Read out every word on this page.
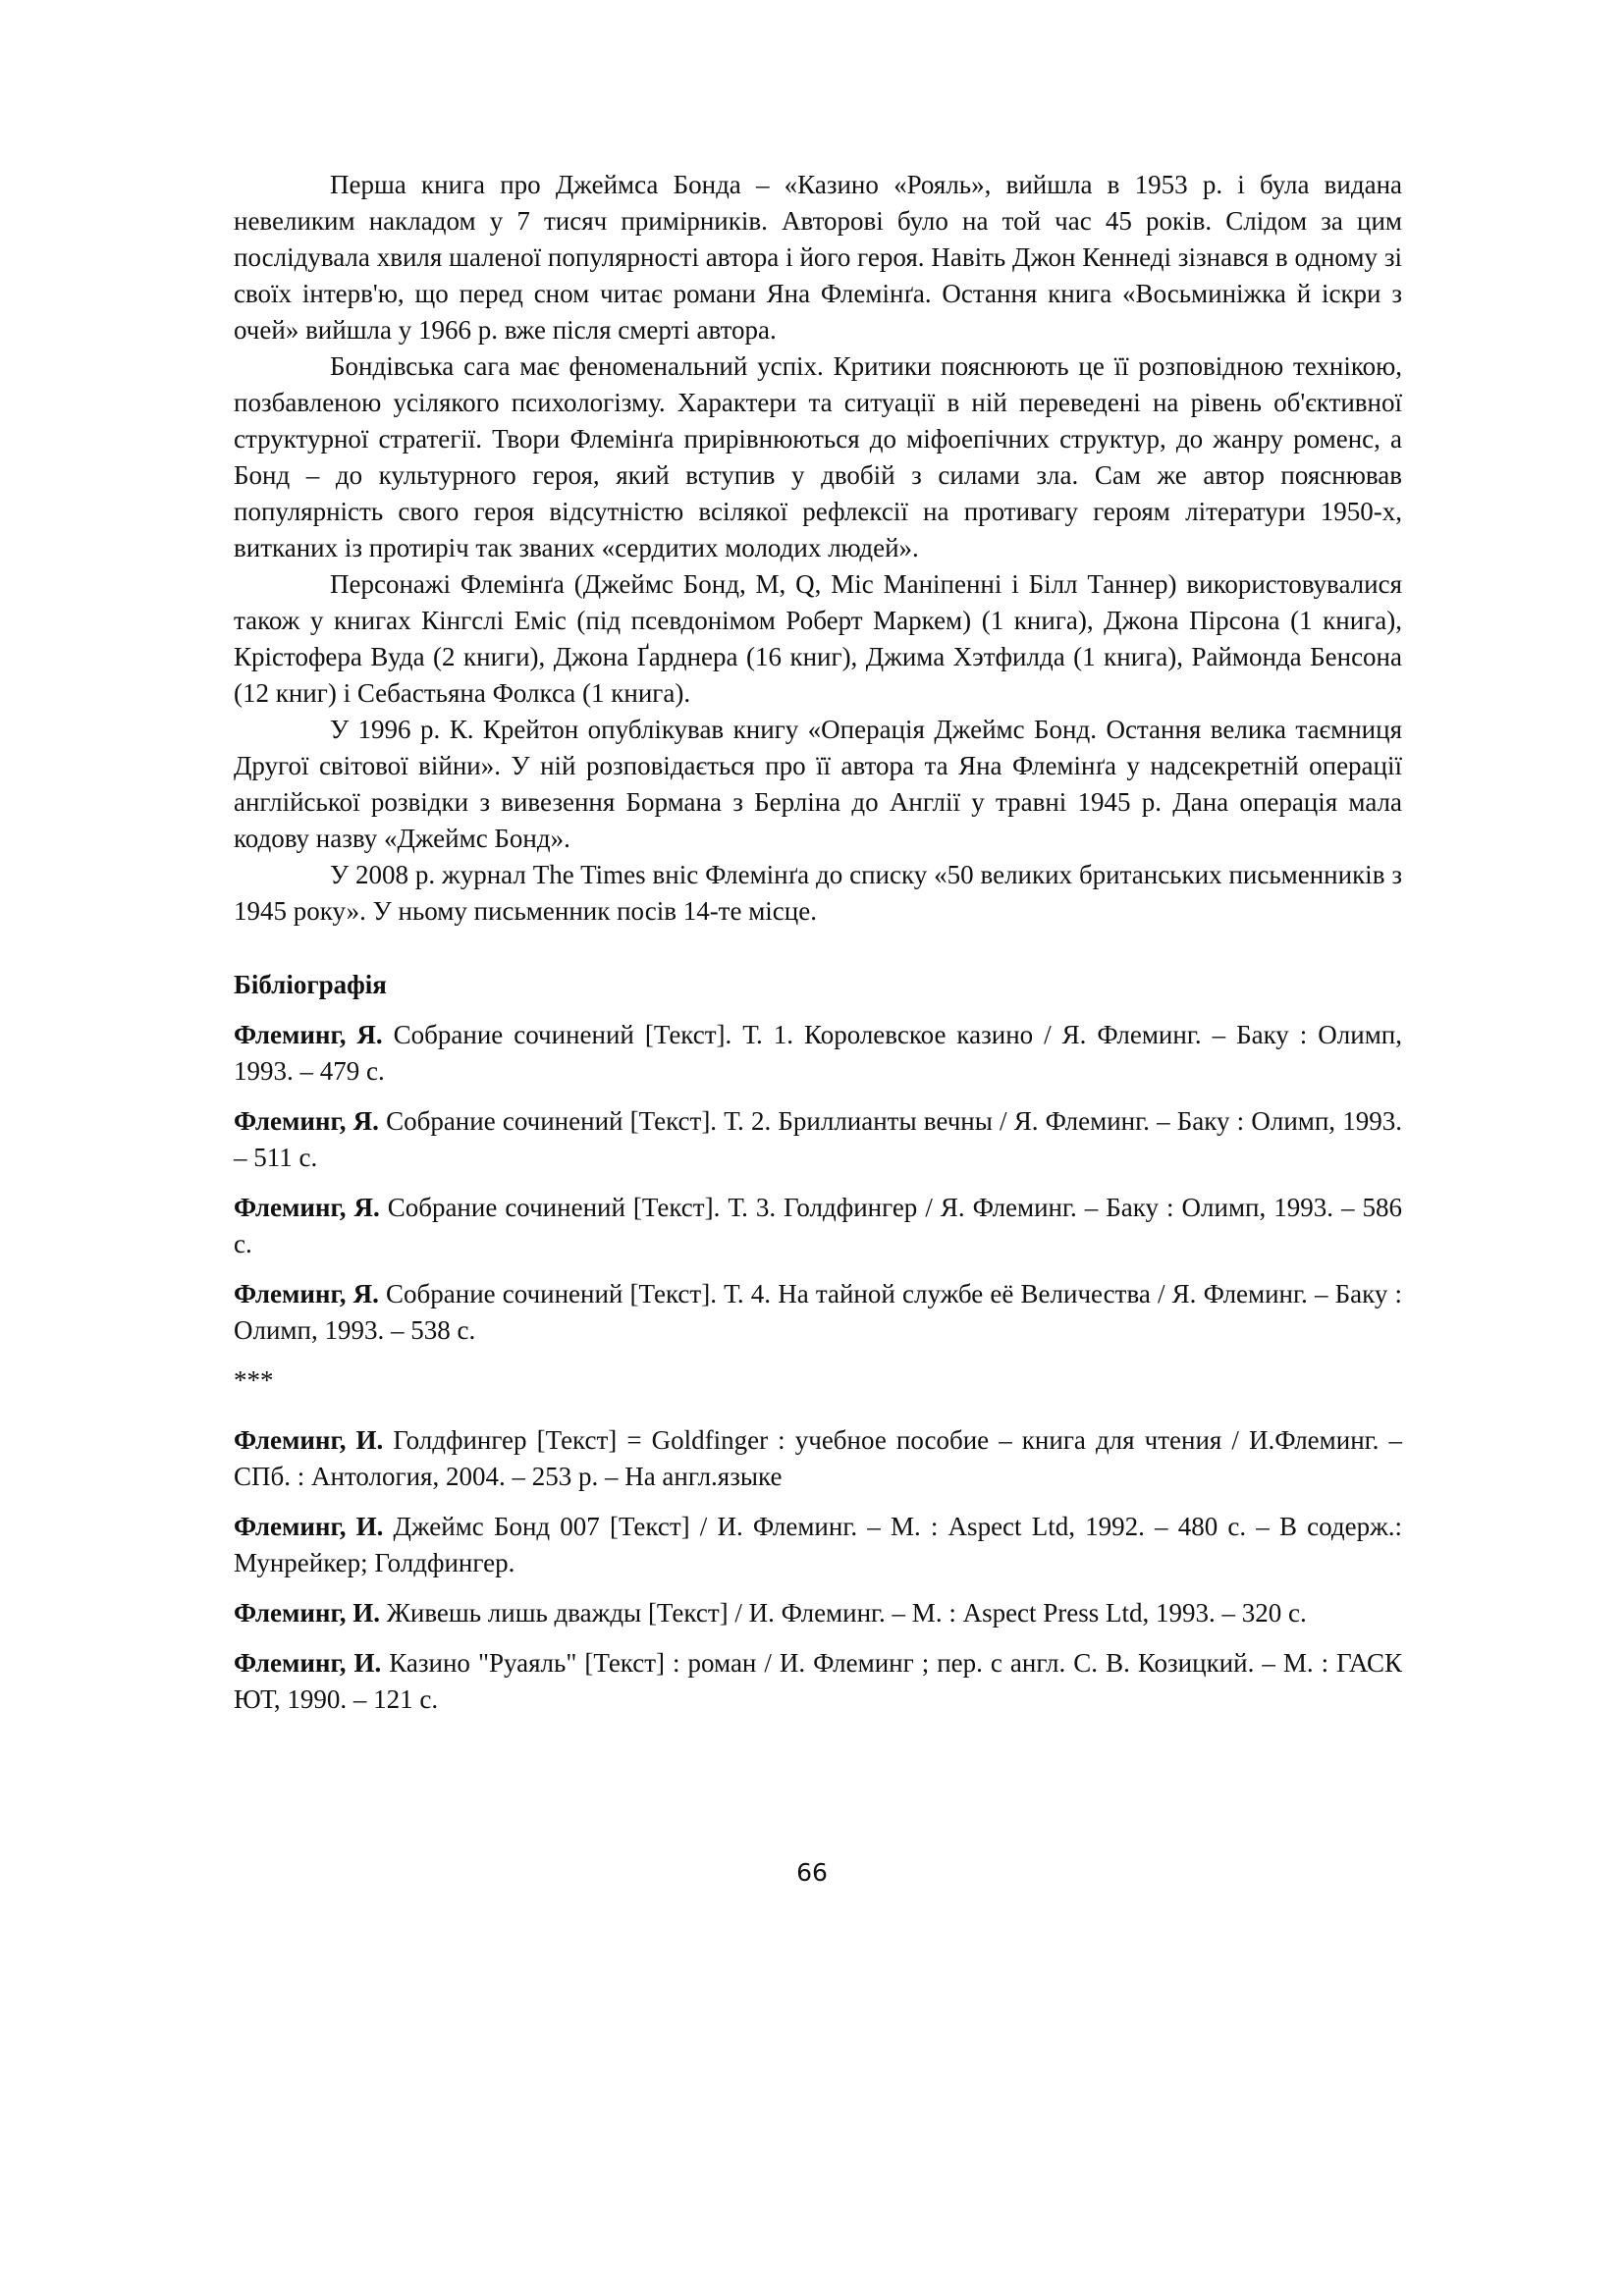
Перша книга про Джеймса Бонда – «Казино «Рояль», вийшла в 1953 р. і була видана невеликим накладом у 7 тисяч примірників. Авторові було на той час 45 років. Слідом за цим послідувала хвиля шаленої популярності автора і його героя. Навіть Джон Кеннеді зізнався в одному зі своїх інтерв'ю, що перед сном читає романи Яна Флемінґа. Остання книга «Восьминіжка й іскри з очей» вийшла у 1966 р. вже після смерті автора.

Бондівська сага має феноменальний успіх. Критики пояснюють це її розповідною технікою, позбавленою усілякого психологізму. Характери та ситуації в ній переведені на рівень об'єктивної структурної стратегії. Твори Флемінґа прирівнюються до міфоепічних структур, до жанру роменс, а Бонд – до культурного героя, який вступив у двобій з силами зла. Сам же автор пояснював популярність свого героя відсутністю всілякої рефлексії на противагу героям літератури 1950-х, витканих із протиріч так званих «сердитих молодих людей».

Персонажі Флемінґа (Джеймс Бонд, M, Q, Міс Маніпенні і Білл Таннер) використовувалися також у книгах Кінгслі Еміс (під псевдонімом Роберт Маркем) (1 книга), Джона Пірсона (1 книга), Крістофера Вуда (2 книги), Джона Ґарднера (16 книг), Джима Хэтфилда (1 книга), Раймонда Бенсона (12 книг) і Себастьяна Фолкса (1 книга).

У 1996 р. К. Крейтон опублікував книгу «Операція Джеймс Бонд. Остання велика таємниця Другої світової війни». У ній розповідається про її автора та Яна Флемінґа у надсекретній операції англійської розвідки з вивезення Бормана з Берліна до Англії у травні 1945 р. Дана операція мала кодову назву «Джеймс Бонд».

У 2008 р. журнал The Times вніс Флемінґа до списку «50 великих британських письменників з 1945 року». У ньому письменник посів 14-те місце.

Бібліографія

Флеминг, Я. Собрание сочинений [Текст]. Т. 1. Королевское казино / Я. Флеминг. – Баку : Олимп, 1993. – 479 с.

Флеминг, Я. Собрание сочинений [Текст]. Т. 2. Бриллианты вечны / Я. Флеминг. – Баку : Олимп, 1993. – 511 с.

Флеминг, Я. Собрание сочинений [Текст]. Т. 3. Голдфингер / Я. Флеминг. – Баку : Олимп, 1993. – 586 с.

Флеминг, Я. Собрание сочинений [Текст]. Т. 4. На тайной службе её Величества / Я. Флеминг. – Баку : Олимп, 1993. – 538 с.

***

Флеминг, И. Голдфингер [Текст] = Goldfinger : учебное пособие – книга для чтения / И.Флеминг. – СПб. : Антология, 2004. – 253 p. – На англ.языке

Флеминг, И. Джеймс Бонд 007 [Текст] / И. Флеминг. – М. : Aspect Ltd, 1992. – 480 с. – В содерж.: Мунрейкер; Голдфингер.

Флеминг, И. Живешь лишь дважды [Текст] / И. Флеминг. – М. : Aspect Press Ltd, 1993. – 320 с.

Флеминг, И. Казино "Руаяль" [Текст] : роман / И. Флеминг ; пер. с англ. С. В. Козицкий. – М. : ГАСК ЮТ, 1990. – 121 с.

66
